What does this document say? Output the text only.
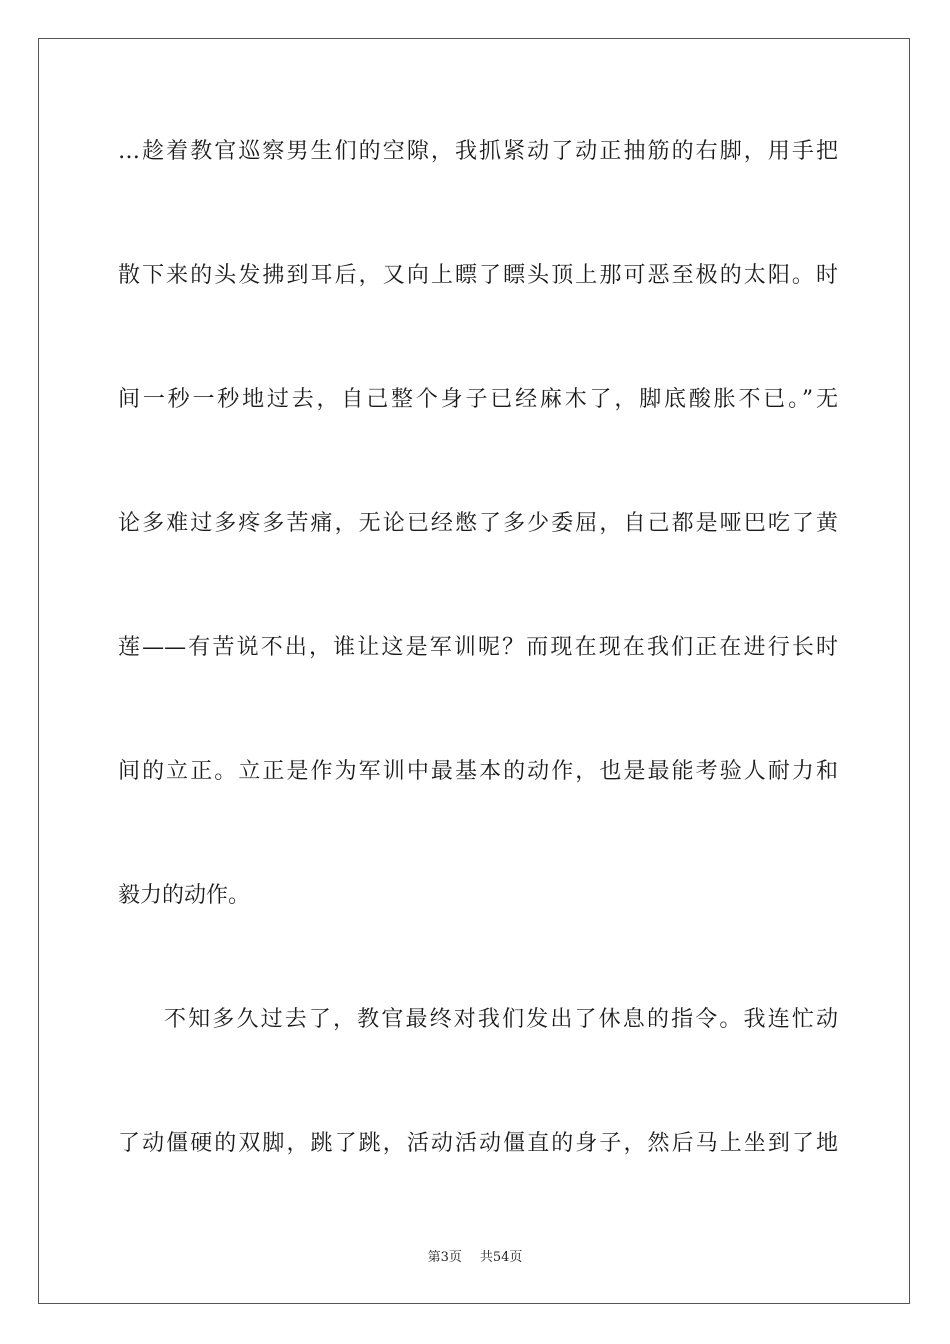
…趁着教官巡察男生们的空隙，我抓紧动了动正抽筋的右脚，用手把
散下来的头发拂到耳后，又向上瞟了瞟头顶上那可恶至极的太阳。时
间一秒一秒地过去，自己整个身子已经麻木了，脚底酸胀不已。”无
论多难过多疼多苦痛，无论已经憋了多少委屈，自己都是哑巴吃了黄
莲——有苦说不出，谁让这是军训呢？而现在现在我们正在进行长时
间的立正。立正是作为军训中最基本的动作，也是最能考验人耐力和
毅力的动作。
不知多久过去了，教官最终对我们发出了休息的指令。我连忙动
了动僵硬的双脚，跳了跳，活动活动僵直的身子，然后马上坐到了地
第3页 共54页
